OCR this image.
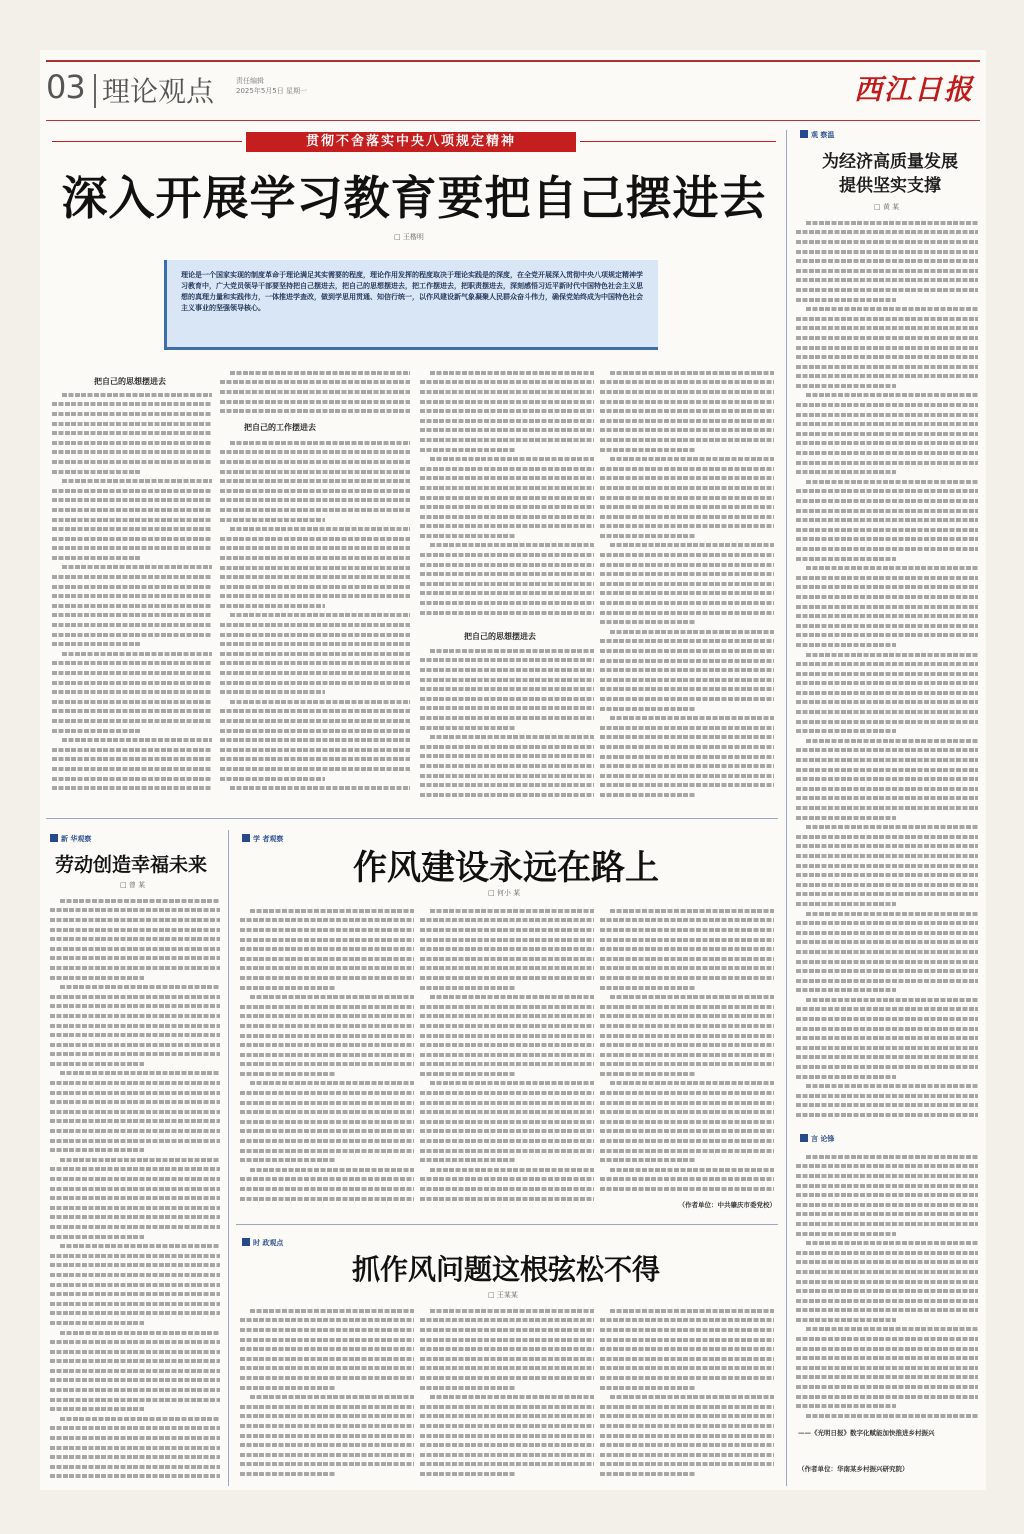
03 理论观点	责任编辑
2025年5月5日 星期一	西江日报
贯彻不舍落实中央八项规定精神
深入开展学习教育要把自己摆进去
□ 王楷明

理论是一个国家实现的制度革命于理论满足其实需要的程度，理论作用发挥的程度取决于理论实践是的深度，在全党开展深入贯彻中央八项规定精神学习教育中，广大党员领导干部要坚持把自己摆进去，把自己的思想摆进去，把工作摆进去，把职责摆进去，深刻感悟习近平新时代中国特色社会主义思想的真理力量和实践伟力，一体推进学查改，做到学思用贯通、知信行统一，以作风建设新气象凝聚人民群众奋斗伟力，确保党始终成为中国特色社会主义事业的坚强领导核心。

把自己的思想摆进去
把自己的工作摆进去
把自己的思想摆进去
观 察温
为经济高质量发展
提供坚实支撑
□ 黄 某
言 论锋
——《光明日报》数字化赋能加快推进乡村振兴
（作者单位：华南某乡村振兴研究院）
新 华观察
劳动创造幸福未来
□ 曾 某
学 者观察
作风建设永远在路上
□ 何小 某
（作者单位：中共肇庆市委党校）
时 政观点
抓作风问题这根弦松不得
□ 王某某
